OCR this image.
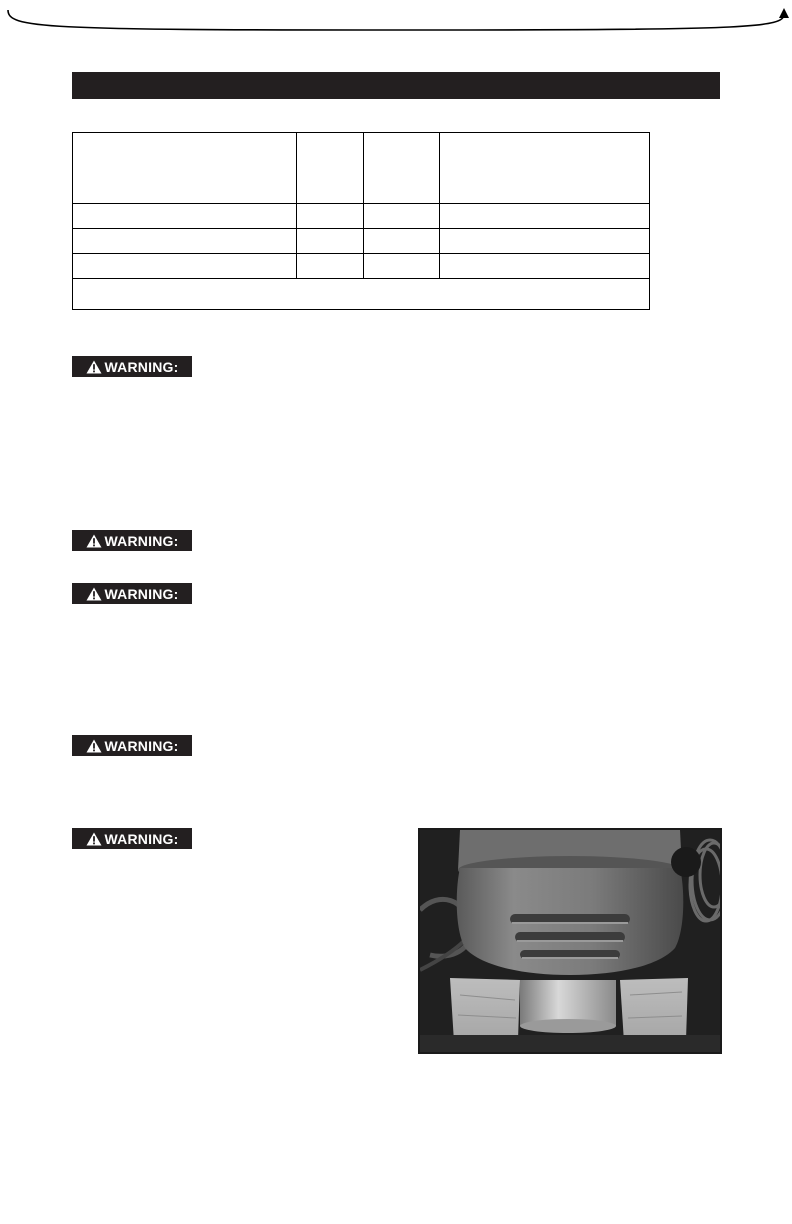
WARNING:
WARNING:
WARNING:
WARNING:
WARNING:
